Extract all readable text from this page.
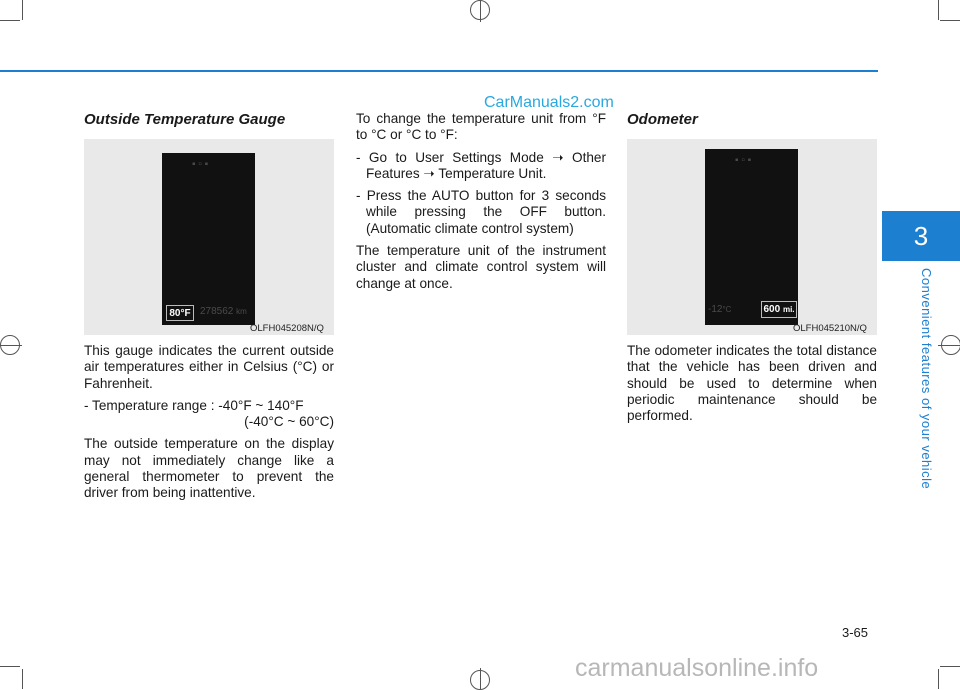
CarManuals2.com
3
Convenient features of your vehicle
Outside Temperature Gauge
▪ ▫ ▪
80 °F 278562 km
OLFH045208N/Q

This gauge indicates the current outside air temperatures either in Celsius (°C) or Fahrenheit.

- Temperature range : -40°F ~ 140°F

(-40°C ~ 60°C)

The outside temperature on the display may not immediately change like a general thermometer to prevent the driver from being inattentive.

To change the temperature unit from °F to °C or °C to °F:

- Go to User Settings Mode ➝ Other Features ➝ Temperature Unit.

- Press the AUTO button for 3 seconds while pressing the OFF button. (Automatic climate control system)

The temperature unit of the instrument cluster and climate control system will change at once.

Odometer
▪ ▫ ▪
-12°C	600
mi.
OLFH045210N/Q

The odometer indicates the total distance that the vehicle has been driven and should be used to determine when periodic maintenance should be performed.

3-65
carmanualsonline.info
